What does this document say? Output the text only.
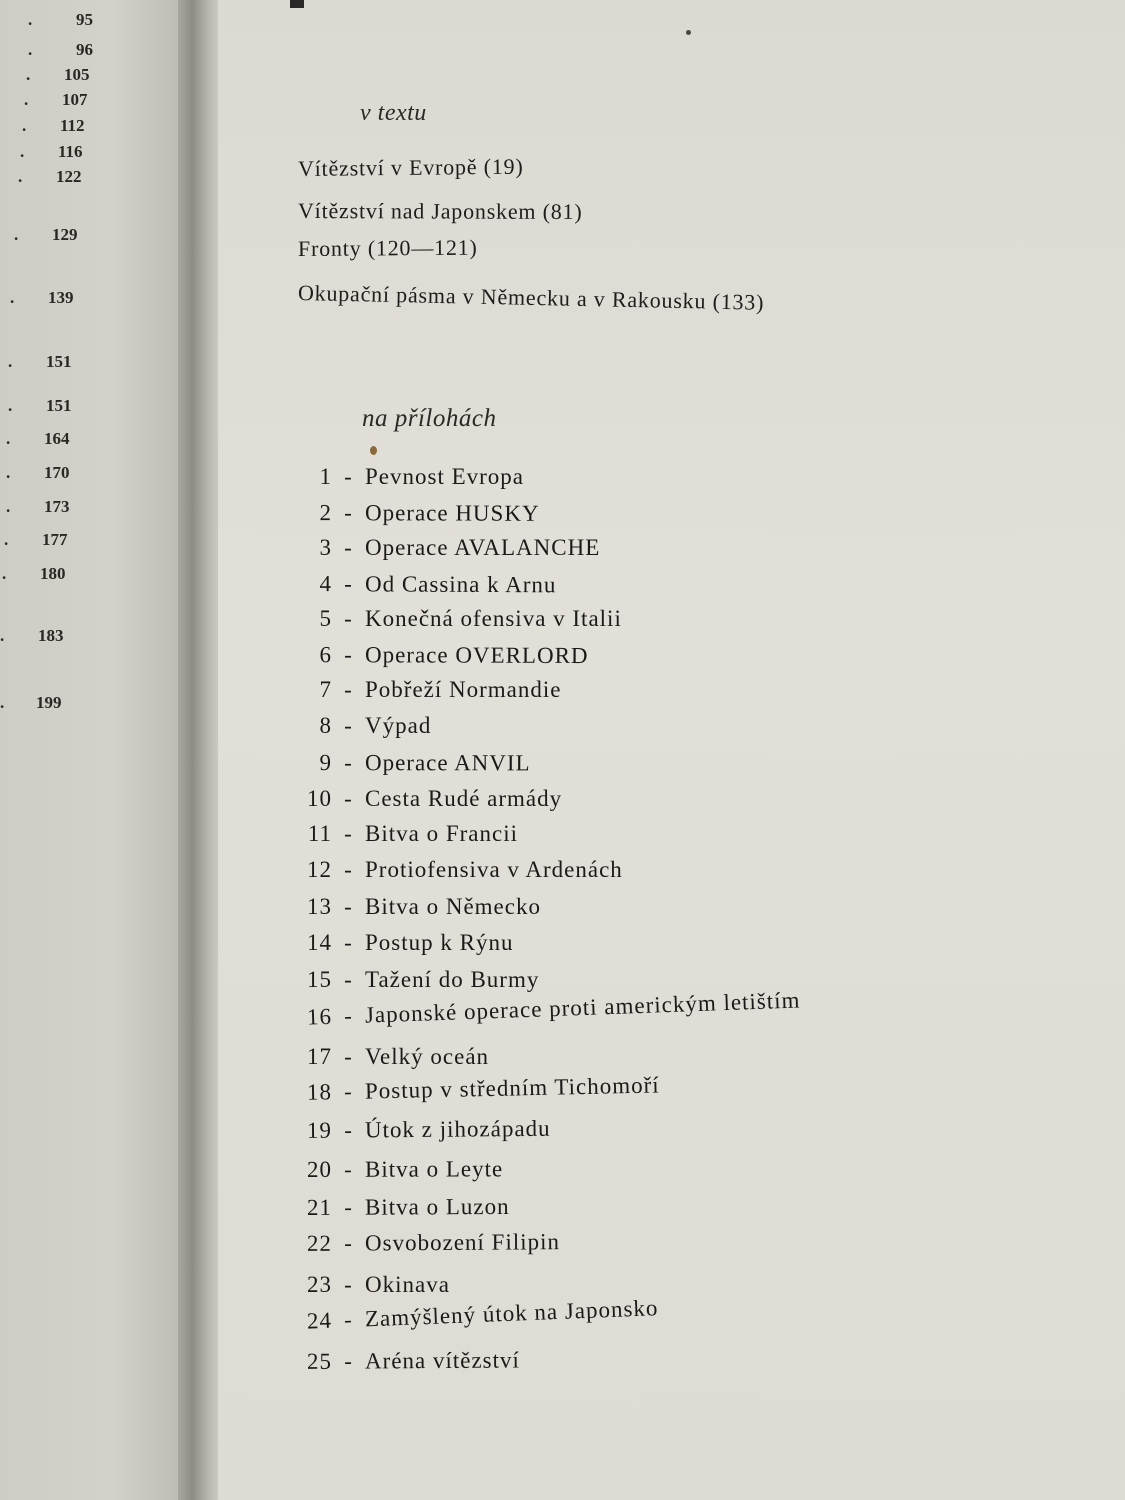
.	95
.	96
. 105
. 107
. 112
. 116
. 122
. 129
. 139
. 151
. 151
. 164
. 170
. 173
. 177
. 180
. 183
. 199
v textu
Vítězství v Evropě (19)
Vítězství nad Japonskem (81)
Fronty (120—121)
Okupační pásma v Německu a v Rakousku (133)
na přílohách
1 - Pevnost Evropa
2 - Operace HUSKY
3 - Operace AVALANCHE
4 - Od Cassina k Arnu
5 - Konečná ofensiva v Italii
6 - Operace OVERLORD
7 - Pobřeží Normandie
8 - Výpad
9 - Operace ANVIL
10 - Cesta Rudé armády
11 - Bitva o Francii
12 - Protiofensiva v Ardenách
13 - Bitva o Německo
14 - Postup k Rýnu
15 - Tažení do Burmy
16 - Japonské operace proti americkým letištím
17 - Velký oceán
18 - Postup v středním Tichomoří
19 - Útok z jihozápadu
20 - Bitva o Leyte
21 - Bitva o Luzon
22 - Osvobození Filipin
23 - Okinava
24 - Zamýšlený útok na Japonsko
25 - Aréna vítězství
